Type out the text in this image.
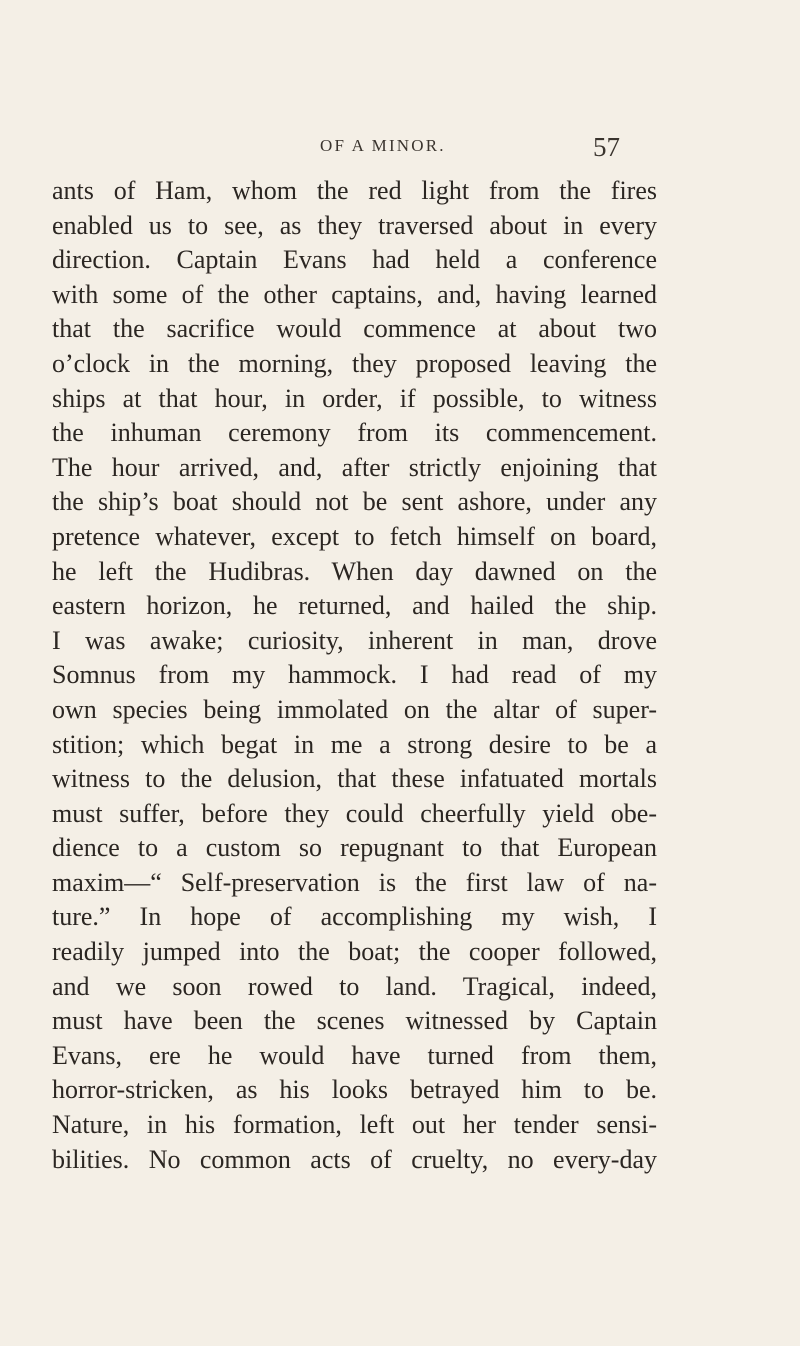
OF A MINOR.	57
ants of Ham, whom the red light from the fires
enabled us to see, as they traversed about in every
direction. Captain Evans had held a conference
with some of the other captains, and, having learned
that the sacrifice would commence at about two
o’clock in the morning, they proposed leaving the
ships at that hour, in order, if possible, to witness
the inhuman ceremony from its commencement.
The hour arrived, and, after strictly enjoining that
the ship’s boat should not be sent ashore, under any
pretence whatever, except to fetch himself on board,
he left the Hudibras. When day dawned on the
eastern horizon, he returned, and hailed the ship.
I was awake; curiosity, inherent in man, drove
Somnus from my hammock. I had read of my
own species being immolated on the altar of super-
stition; which begat in me a strong desire to be a
witness to the delusion, that these infatuated mortals
must suffer, before they could cheerfully yield obe-
dience to a custom so repugnant to that European
maxim—“ Self-preservation is the first law of na-
ture.” In hope of accomplishing my wish, I
readily jumped into the boat; the cooper followed,
and we soon rowed to land. Tragical, indeed,
must have been the scenes witnessed by Captain
Evans, ere he would have turned from them,
horror-stricken, as his looks betrayed him to be.
Nature, in his formation, left out her tender sensi-
bilities. No common acts of cruelty, no every-day
